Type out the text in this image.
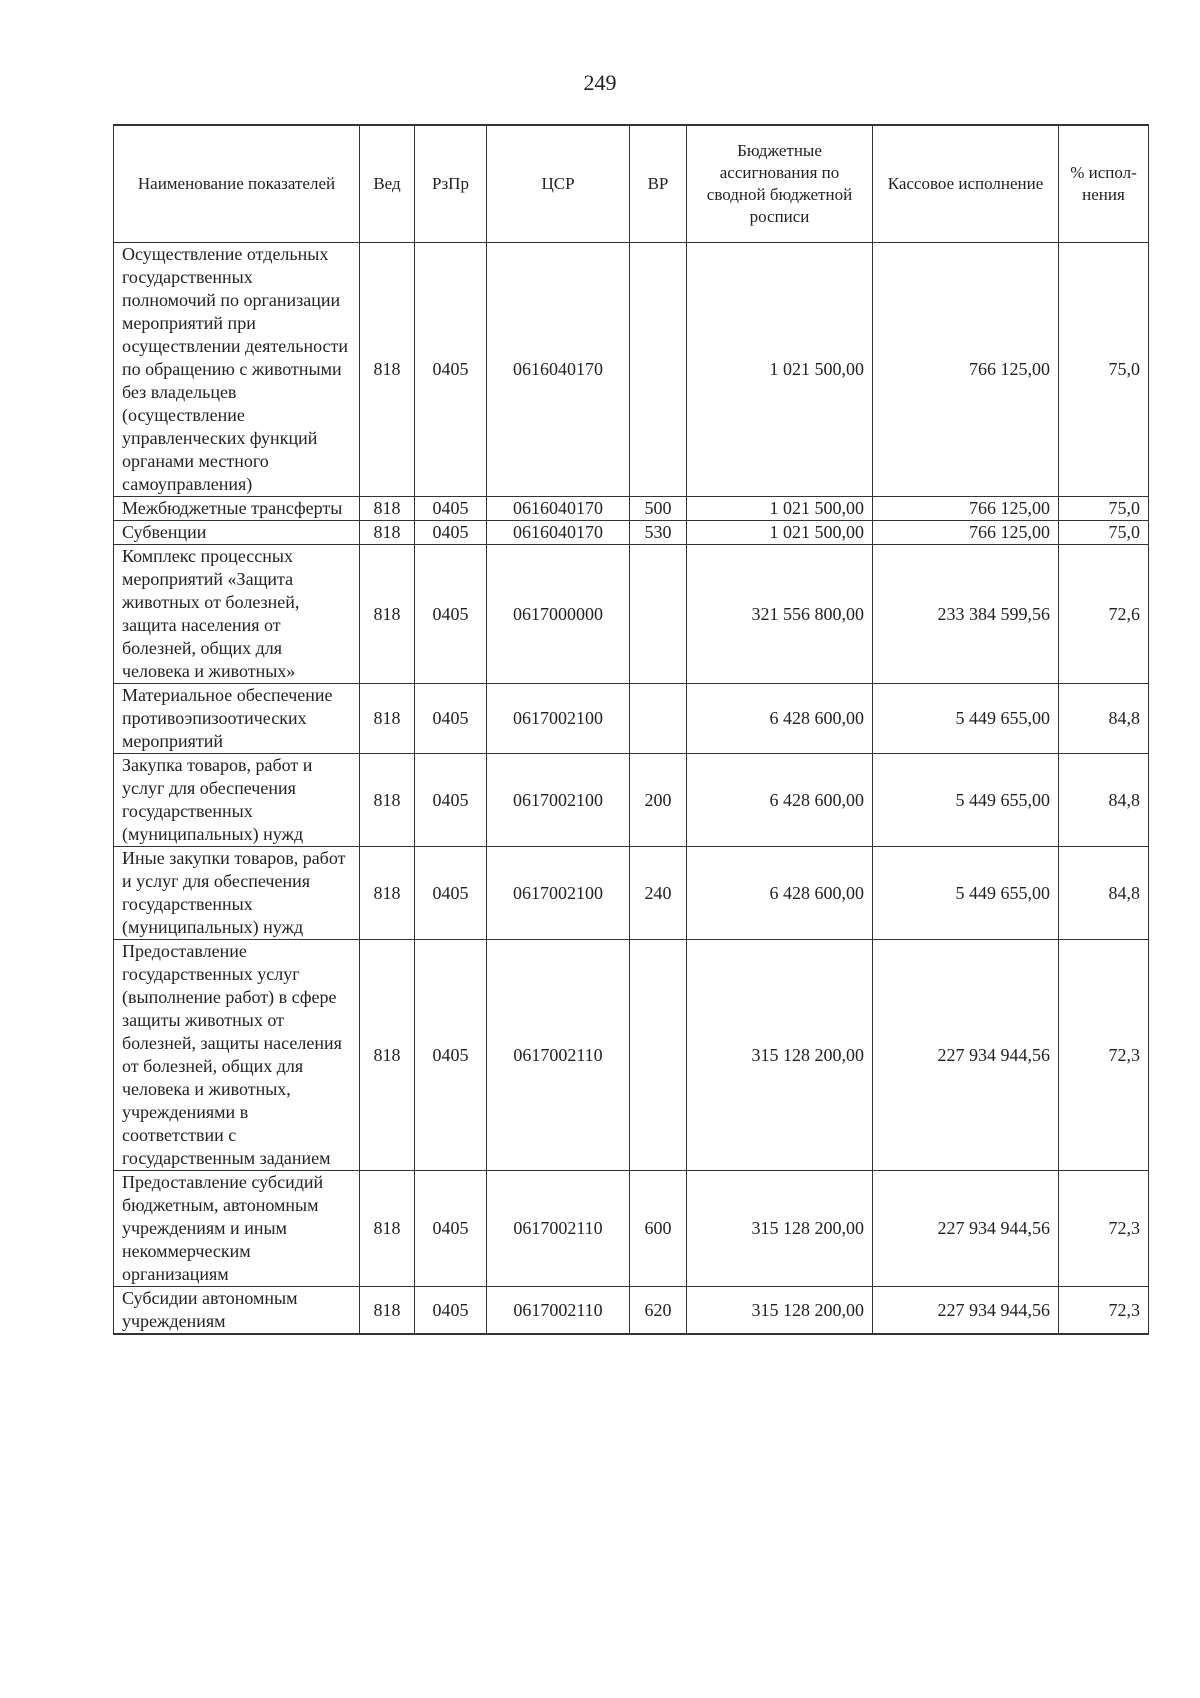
249
Наименование показателей	Вед	РзПр	ЦСР	ВР	Бюджетные ассигнования по сводной бюджетной росписи	Кассовое исполнение	% испол-нения
Осуществление отдельных государственных полномочий по организации мероприятий при осуществлении деятельности по обращению с животными без владельцев (осуществление управленческих функций органами местного самоуправления)	818	0405	0616040170		1 021 500,00	766 125,00	75,0
Межбюджетные трансферты	818	0405	0616040170	500	1 021 500,00	766 125,00	75,0
Субвенции	818	0405	0616040170	530	1 021 500,00	766 125,00	75,0
Комплекс процессных мероприятий «Защита животных от болезней, защита населения от болезней, общих для человека и животных»	818	0405	0617000000		321 556 800,00	233 384 599,56	72,6
Материальное обеспечение противоэпизоотических мероприятий	818	0405	0617002100		6 428 600,00	5 449 655,00	84,8
Закупка товаров, работ и услуг для обеспечения государственных (муниципальных) нужд	818	0405	0617002100	200	6 428 600,00	5 449 655,00	84,8
Иные закупки товаров, работ и услуг для обеспечения государственных (муниципальных) нужд	818	0405	0617002100	240	6 428 600,00	5 449 655,00	84,8
Предоставление государственных услуг (выполнение работ) в сфере защиты животных от болезней, защиты населения от болезней, общих для человека и животных, учреждениями в соответствии с государственным заданием	818	0405	0617002110		315 128 200,00	227 934 944,56	72,3
Предоставление субсидий бюджетным, автономным учреждениям и иным некоммерческим организациям	818	0405	0617002110	600	315 128 200,00	227 934 944,56	72,3
Субсидии автономным учреждениям	818	0405	0617002110	620	315 128 200,00	227 934 944,56	72,3
